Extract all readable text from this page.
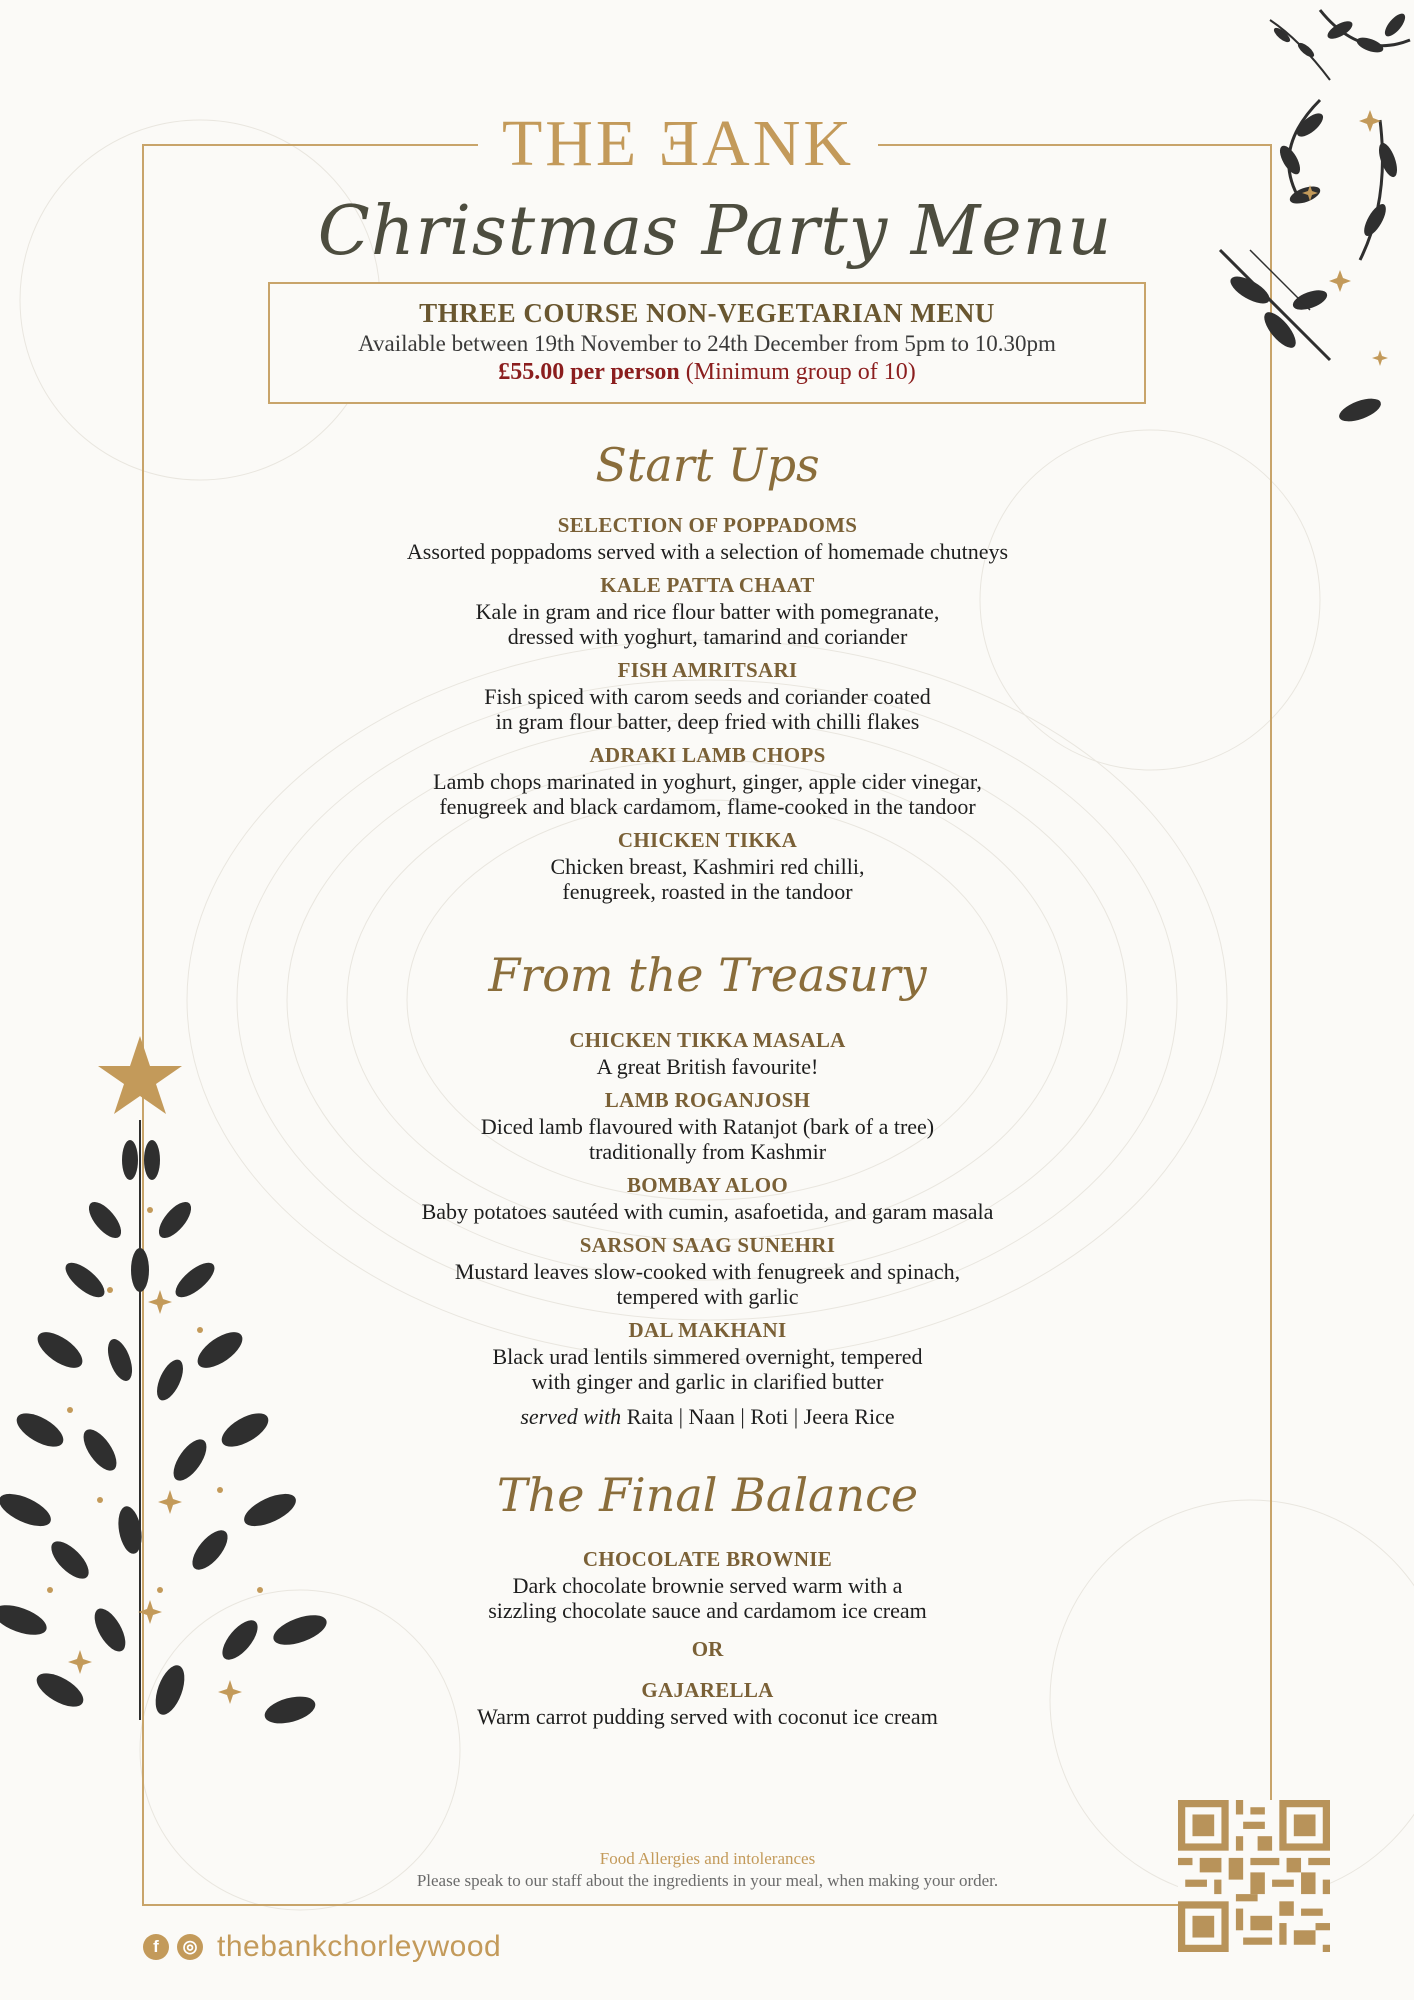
THE ƎANK
Christmas Party Menu
THREE COURSE NON-VEGETARIAN MENU
Available between 19th November to 24th December from 5pm to 10.30pm
£55.00 per person (Minimum group of 10)
Start Ups
SELECTION OF POPPADOMS
Assorted poppadoms served with a selection of homemade chutneys
KALE PATTA CHAAT
Kale in gram and rice flour batter with pomegranate,
dressed with yoghurt, tamarind and coriander
FISH AMRITSARI
Fish spiced with carom seeds and coriander coated
in gram flour batter, deep fried with chilli flakes
ADRAKI LAMB CHOPS
Lamb chops marinated in yoghurt, ginger, apple cider vinegar,
fenugreek and black cardamom, flame-cooked in the tandoor
CHICKEN TIKKA
Chicken breast, Kashmiri red chilli,
fenugreek, roasted in the tandoor
From the Treasury
CHICKEN TIKKA MASALA
A great British favourite!
LAMB ROGANJOSH
Diced lamb flavoured with Ratanjot (bark of a tree)
traditionally from Kashmir
BOMBAY ALOO
Baby potatoes sautéed with cumin, asafoetida, and garam masala
SARSON SAAG SUNEHRI
Mustard leaves slow-cooked with fenugreek and spinach,
tempered with garlic
DAL MAKHANI
Black urad lentils simmered overnight, tempered
with ginger and garlic in clarified butter
served with Raita | Naan | Roti | Jeera Rice
The Final Balance
CHOCOLATE BROWNIE
Dark chocolate brownie served warm with a
sizzling chocolate sauce and cardamom ice cream
OR
GAJARELLA
Warm carrot pudding served with coconut ice cream
Food Allergies and intolerances
Please speak to our staff about the ingredients in your meal, when making your order.
f	◎ thebankchorleywood
